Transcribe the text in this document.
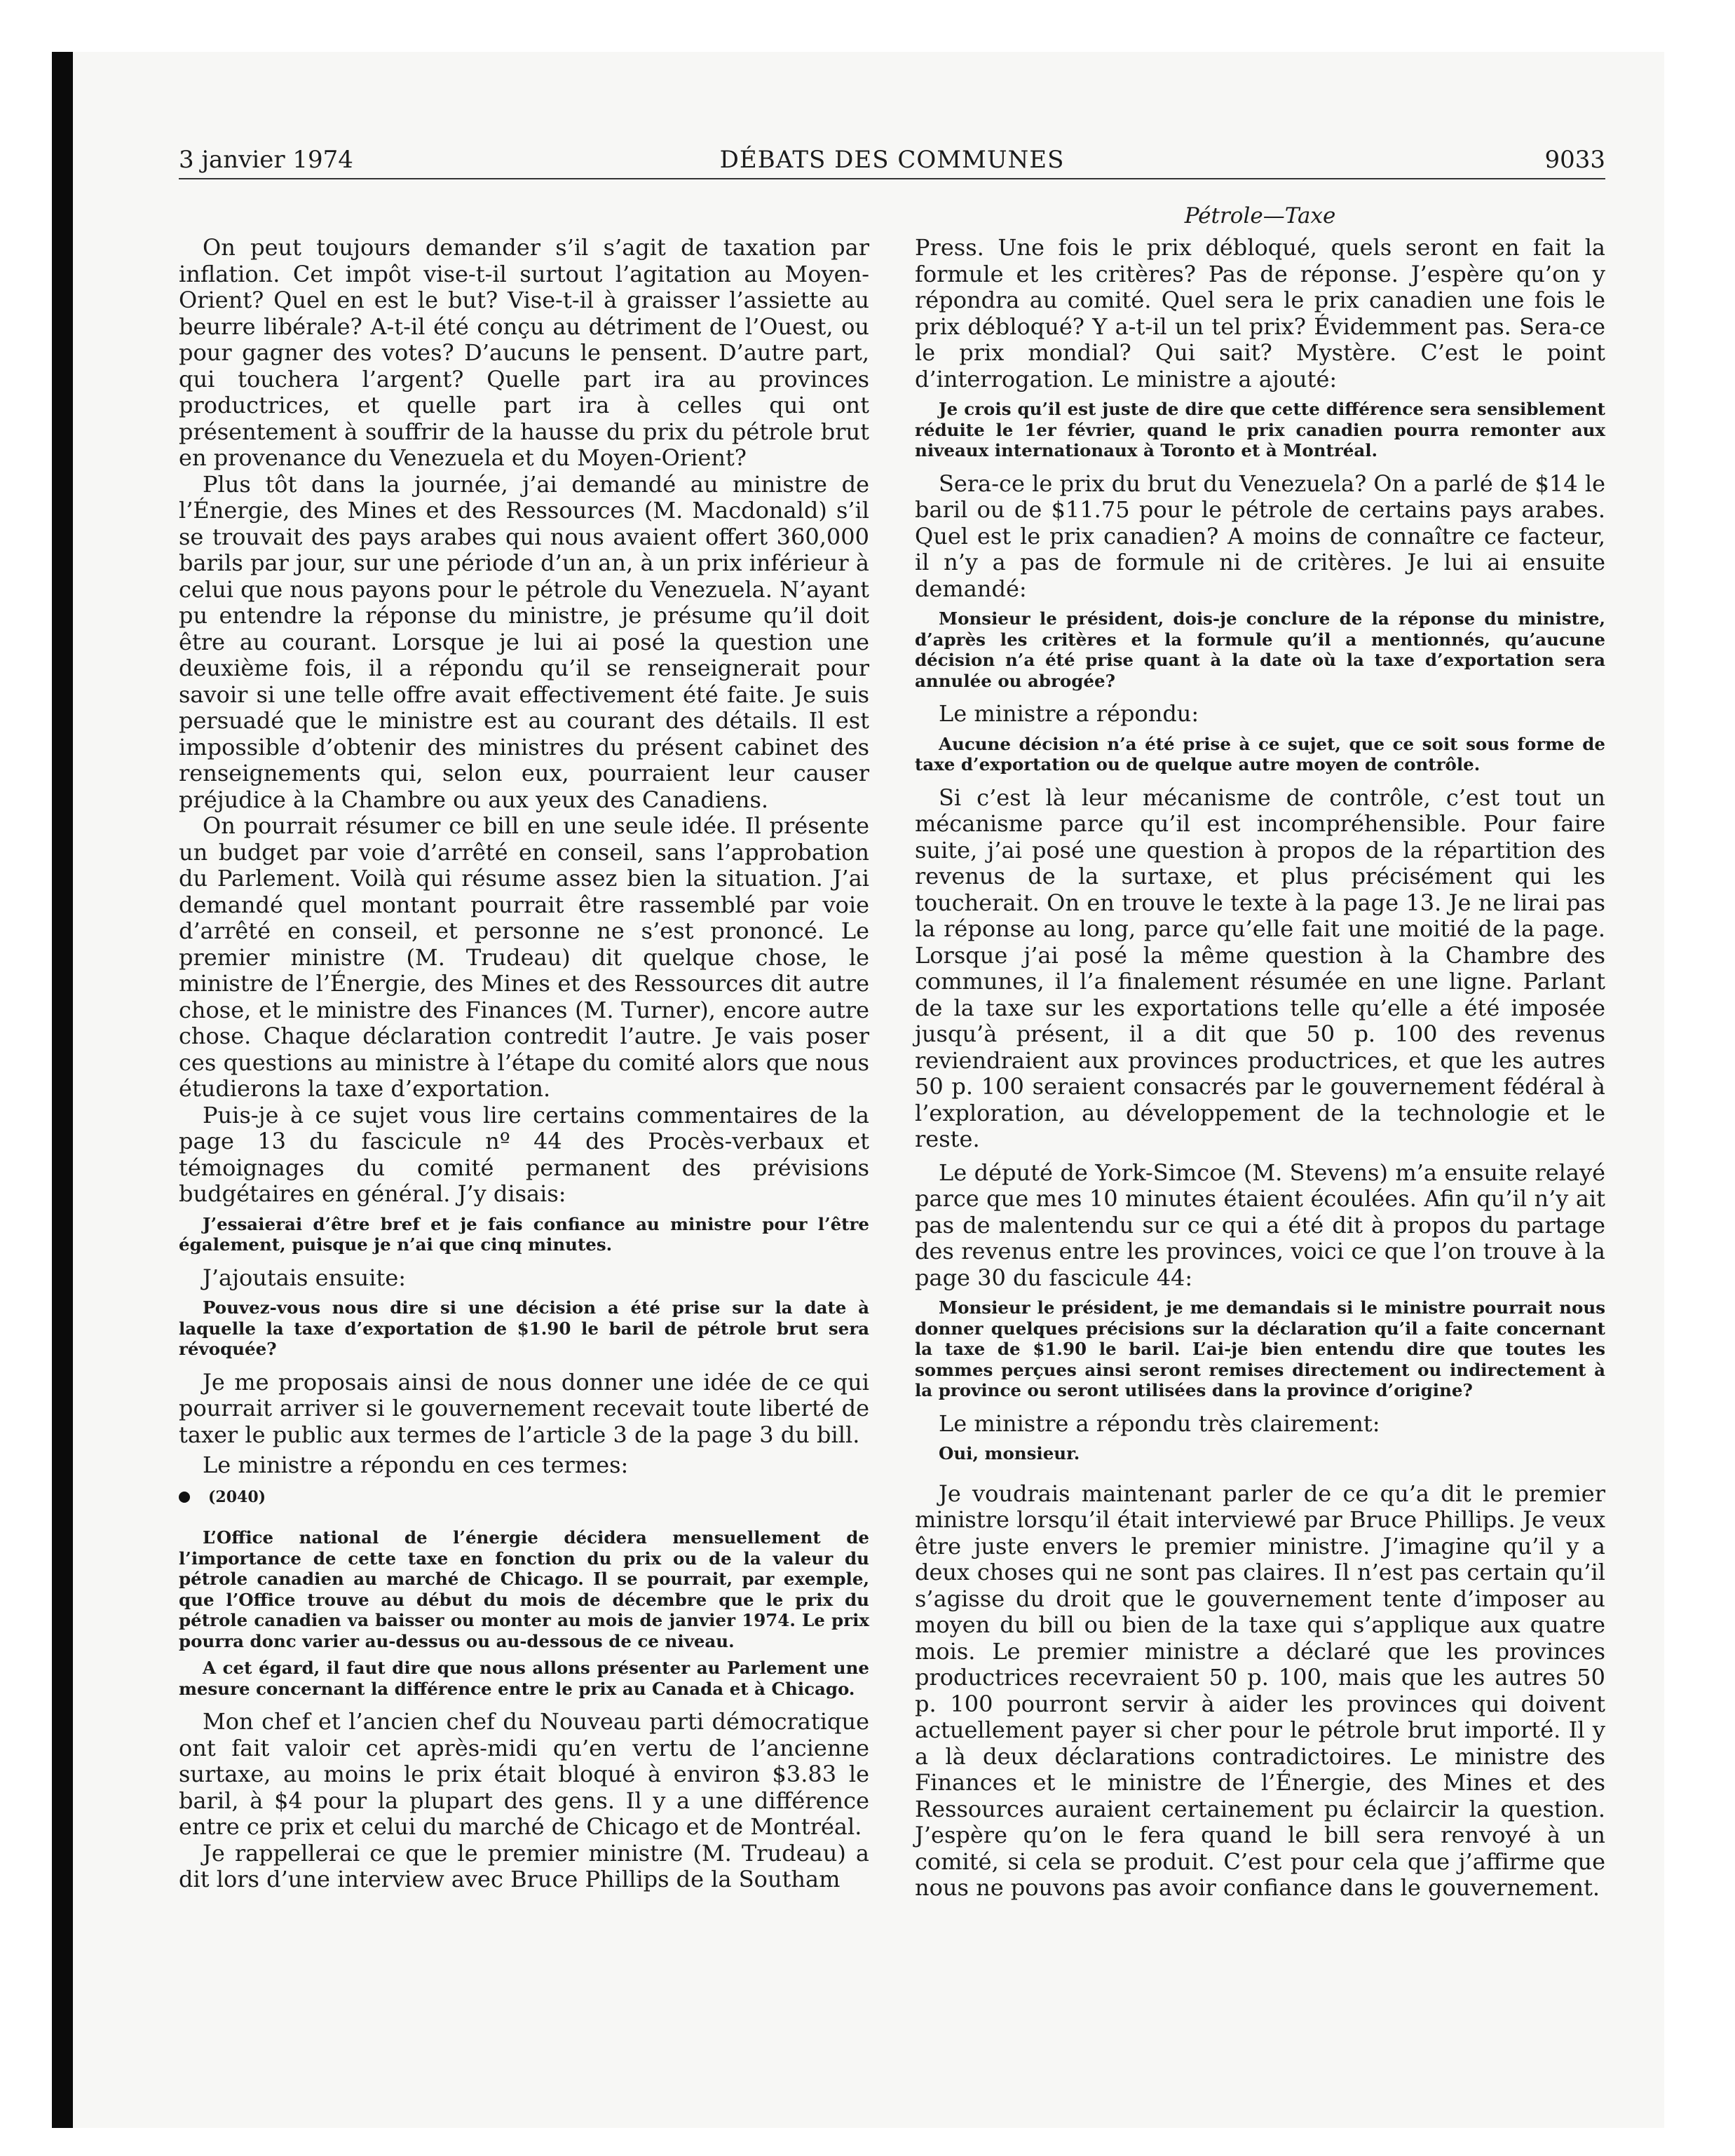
3 janvier 1974	DÉBATS DES COMMUNES	9033
Pétrole—Taxe

On peut toujours demander s’il s’agit de taxation par inflation. Cet impôt vise-t-il surtout l’agitation au Moyen-Orient? Quel en est le but? Vise-t-il à graisser l’assiette au beurre libérale? A-t-il été conçu au détriment de l’Ouest, ou pour gagner des votes? D’aucuns le pensent. D’autre part, qui touchera l’argent? Quelle part ira au provinces productrices, et quelle part ira à celles qui ont présentement à souffrir de la hausse du prix du pétrole brut en provenance du Venezuela et du Moyen-Orient?

Plus tôt dans la journée, j’ai demandé au ministre de l’Énergie, des Mines et des Ressources (M. Macdonald) s’il se trouvait des pays arabes qui nous avaient offert 360,000 barils par jour, sur une période d’un an, à un prix inférieur à celui que nous payons pour le pétrole du Venezuela. N’ayant pu entendre la réponse du ministre, je présume qu’il doit être au courant. Lorsque je lui ai posé la question une deuxième fois, il a répondu qu’il se renseignerait pour savoir si une telle offre avait effectivement été faite. Je suis persuadé que le ministre est au courant des détails. Il est impossible d’obtenir des ministres du présent cabinet des renseignements qui, selon eux, pourraient leur causer préjudice à la Chambre ou aux yeux des Canadiens.

On pourrait résumer ce bill en une seule idée. Il présente un budget par voie d’arrêté en conseil, sans l’approbation du Parlement. Voilà qui résume assez bien la situation. J’ai demandé quel montant pourrait être rassemblé par voie d’arrêté en conseil, et personne ne s’est prononcé. Le premier ministre (M. Trudeau) dit quelque chose, le ministre de l’Énergie, des Mines et des Ressources dit autre chose, et le ministre des Finances (M. Turner), encore autre chose. Chaque déclaration contredit l’autre. Je vais poser ces questions au ministre à l’étape du comité alors que nous étudierons la taxe d’exportation.

Puis-je à ce sujet vous lire certains commentaires de la page 13 du fascicule nº 44 des Procès-verbaux et témoignages du comité permanent des prévisions budgétaires en général. J’y disais:

J’essaierai d’être bref et je fais confiance au ministre pour l’être également, puisque je n’ai que cinq minutes.

J’ajoutais ensuite:

Pouvez-vous nous dire si une décision a été prise sur la date à laquelle la taxe d’exportation de $1.90 le baril de pétrole brut sera révoquée?

Je me proposais ainsi de nous donner une idée de ce qui pourrait arriver si le gouvernement recevait toute liberté de taxer le public aux termes de l’article 3 de la page 3 du bill.

Le ministre a répondu en ces termes:

(2040)

L’Office national de l’énergie décidera mensuellement de l’importance de cette taxe en fonction du prix ou de la valeur du pétrole canadien au marché de Chicago. Il se pourrait, par exemple, que l’Office trouve au début du mois de décembre que le prix du pétrole canadien va baisser ou monter au mois de janvier 1974. Le prix pourra donc varier au-dessus ou au-dessous de ce niveau.

A cet égard, il faut dire que nous allons présenter au Parlement une mesure concernant la différence entre le prix au Canada et à Chicago.

Mon chef et l’ancien chef du Nouveau parti démocratique ont fait valoir cet après-midi qu’en vertu de l’ancienne surtaxe, au moins le prix était bloqué à environ $3.83 le baril, à $4 pour la plupart des gens. Il y a une différence entre ce prix et celui du marché de Chicago et de Montréal.

Je rappellerai ce que le premier ministre (M. Trudeau) a dit lors d’une interview avec Bruce Phillips de la Southam

Press. Une fois le prix débloqué, quels seront en fait la formule et les critères? Pas de réponse. J’espère qu’on y répondra au comité. Quel sera le prix canadien une fois le prix débloqué? Y a-t-il un tel prix? Évidemment pas. Sera-ce le prix mondial? Qui sait? Mystère. C’est le point d’interrogation. Le ministre a ajouté:

Je crois qu’il est juste de dire que cette différence sera sensiblement réduite le 1er février, quand le prix canadien pourra remonter aux niveaux internationaux à Toronto et à Montréal.

Sera-ce le prix du brut du Venezuela? On a parlé de $14 le baril ou de $11.75 pour le pétrole de certains pays arabes. Quel est le prix canadien? A moins de connaître ce facteur, il n’y a pas de formule ni de critères. Je lui ai ensuite demandé:

Monsieur le président, dois-je conclure de la réponse du ministre, d’après les critères et la formule qu’il a mentionnés, qu’aucune décision n’a été prise quant à la date où la taxe d’exportation sera annulée ou abrogée?

Le ministre a répondu:

Aucune décision n’a été prise à ce sujet, que ce soit sous forme de taxe d’exportation ou de quelque autre moyen de contrôle.

Si c’est là leur mécanisme de contrôle, c’est tout un mécanisme parce qu’il est incompréhensible. Pour faire suite, j’ai posé une question à propos de la répartition des revenus de la surtaxe, et plus précisément qui les toucherait. On en trouve le texte à la page 13. Je ne lirai pas la réponse au long, parce qu’elle fait une moitié de la page. Lorsque j’ai posé la même question à la Chambre des communes, il l’a finalement résumée en une ligne. Parlant de la taxe sur les exportations telle qu’elle a été imposée jusqu’à présent, il a dit que 50 p. 100 des revenus reviendraient aux provinces productrices, et que les autres 50 p. 100 seraient consacrés par le gouvernement fédéral à l’exploration, au développement de la technologie et le reste.

Le député de York-Simcoe (M. Stevens) m’a ensuite relayé parce que mes 10 minutes étaient écoulées. Afin qu’il n’y ait pas de malentendu sur ce qui a été dit à propos du partage des revenus entre les provinces, voici ce que l’on trouve à la page 30 du fascicule 44:

Monsieur le président, je me demandais si le ministre pourrait nous donner quelques précisions sur la déclaration qu’il a faite concernant la taxe de $1.90 le baril. L’ai-je bien entendu dire que toutes les sommes perçues ainsi seront remises directement ou indirectement à la province ou seront utilisées dans la province d’origine?

Le ministre a répondu très clairement:

Oui, monsieur.

Je voudrais maintenant parler de ce qu’a dit le premier ministre lorsqu’il était interviewé par Bruce Phillips. Je veux être juste envers le premier ministre. J’imagine qu’il y a deux choses qui ne sont pas claires. Il n’est pas certain qu’il s’agisse du droit que le gouvernement tente d’imposer au moyen du bill ou bien de la taxe qui s’applique aux quatre mois. Le premier ministre a déclaré que les provinces productrices recevraient 50 p. 100, mais que les autres 50 p. 100 pourront servir à aider les provinces qui doivent actuellement payer si cher pour le pétrole brut importé. Il y a là deux déclarations contradictoires. Le ministre des Finances et le ministre de l’Énergie, des Mines et des Ressources auraient certainement pu éclaircir la question. J’espère qu’on le fera quand le bill sera renvoyé à un comité, si cela se produit. C’est pour cela que j’affirme que nous ne pouvons pas avoir confiance dans le gouvernement.
